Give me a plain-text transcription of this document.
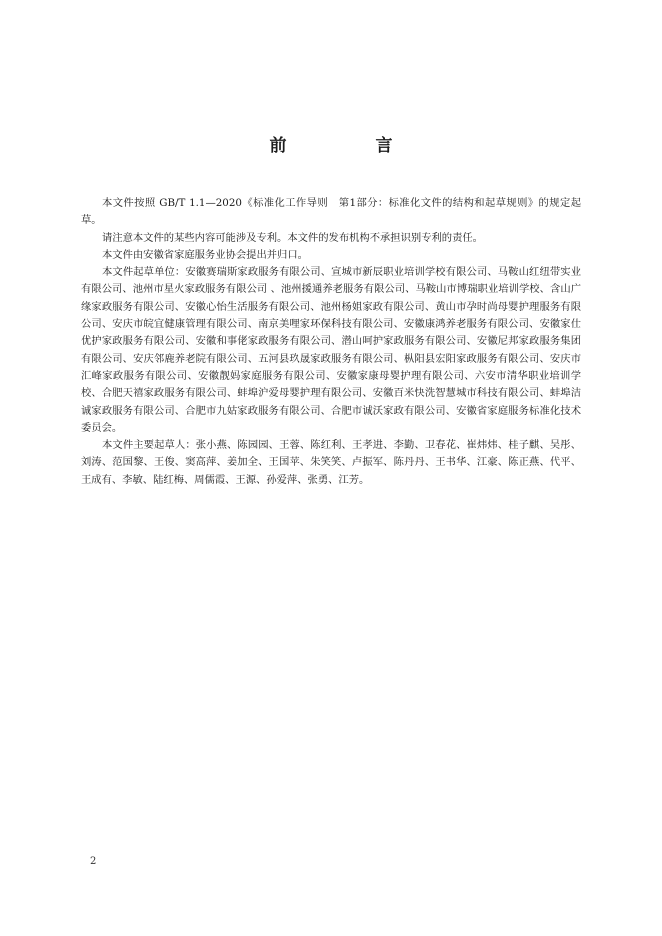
前　言

本文件按照 GB/T 1.1—2020《标准化工作导则　第1部分：标准化文件的结构和起草规则》的规定起草。

请注意本文件的某些内容可能涉及专利。本文件的发布机构不承担识别专利的责任。

本文件由安徽省家庭服务业协会提出并归口。

本文件起草单位：安徽赛瑞斯家政服务有限公司、宣城市新辰职业培训学校有限公司、马鞍山红纽带实业有限公司、池州市星火家政服务有限公司 、池州援通养老服务有限公司、马鞍山市博瑞职业培训学校、含山广缘家政服务有限公司、安徽心怡生活服务有限公司、池州杨姐家政有限公司、黄山市孕时尚母婴护理服务有限公司、安庆市皖宜健康管理有限公司、南京美哩家环保科技有限公司、安徽康鸿养老服务有限公司、安徽家仕优护家政服务有限公司、安徽和事佬家政服务有限公司、潜山呵护家政服务有限公司、安徽尼邦家政服务集团有限公司、安庆邻鹿养老院有限公司、五河县玖晟家政服务有限公司、枞阳县宏阳家政服务有限公司、安庆市汇峰家政服务有限公司、安徽靓妈家庭服务有限公司、安徽家康母婴护理有限公司、六安市清华职业培训学校、合肥天禧家政服务有限公司、蚌埠沪爱母婴护理有限公司、安徽百米快洗智慧城市科技有限公司、蚌埠洁诚家政服务有限公司、合肥市九姑家政服务有限公司、合肥市诚沃家政有限公司、安徽省家庭服务标准化技术委员会。

本文件主要起草人：张小燕、陈园园、王蓉、陈红利、王孝进、李勤、卫春花、崔炜炜、桂子麒、吴彤、刘涛、范国黎、王俊、窦高萍、姜加全、王国苹、朱笑笑、卢振军、陈丹丹、王书华、江豪、陈正燕、代平、王成有、李敏、陆红梅、周儒霞、王源、孙爱萍、张勇、江芳。

2
